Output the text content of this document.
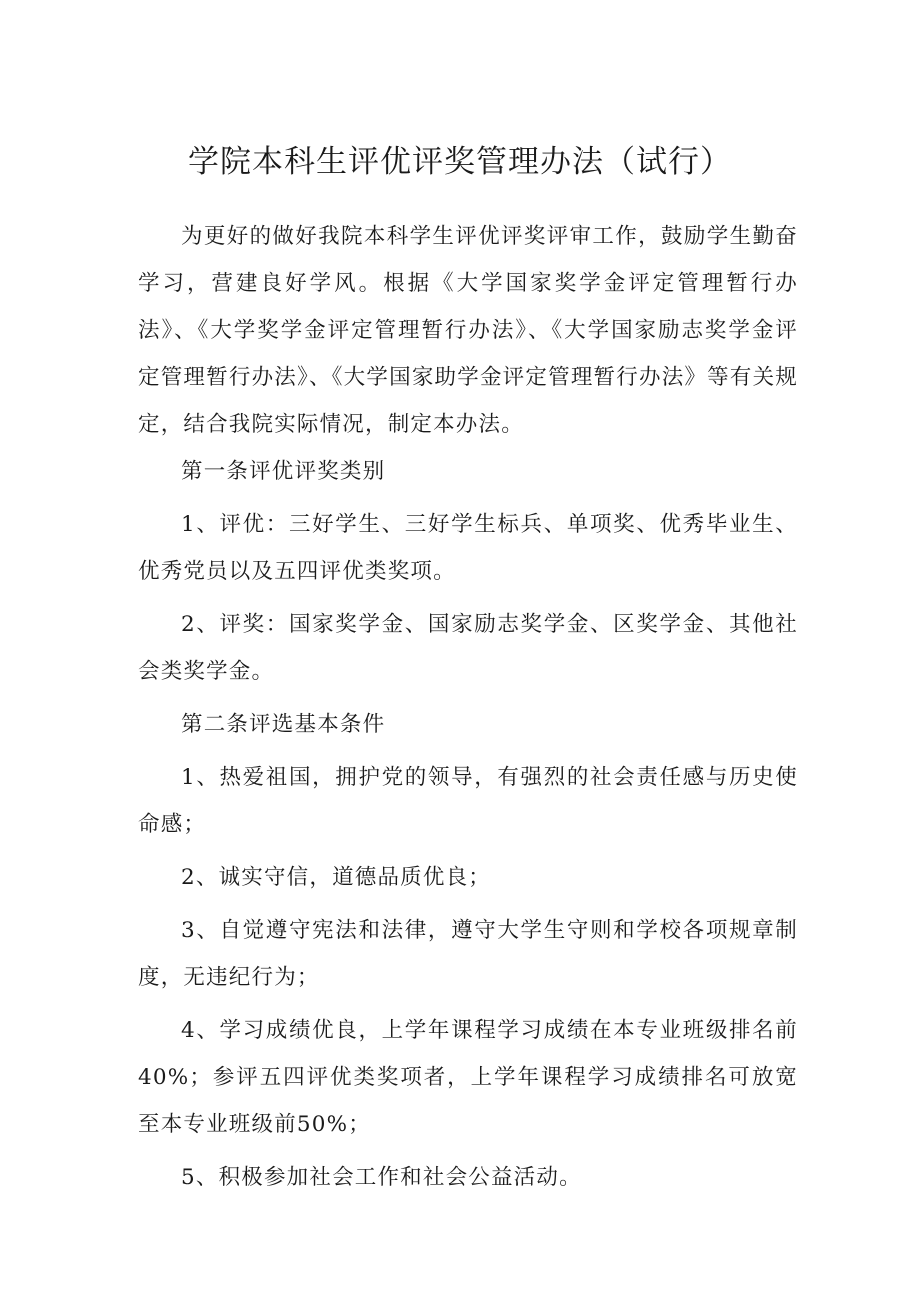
学院本科生评优评奖管理办法（试行）

为更好的做好我院本科学生评优评奖评审工作，鼓励学生勤奋学习，营建良好学风。根据《大学国家奖学金评定管理暂行办法》、《大学奖学金评定管理暂行办法》、《大学国家励志奖学金评定管理暂行办法》、《大学国家助学金评定管理暂行办法》等有关规定，结合我院实际情况，制定本办法。

第一条评优评奖类别

1、评优：三好学生、三好学生标兵、单项奖、优秀毕业生、优秀党员以及五四评优类奖项。

2、评奖：国家奖学金、国家励志奖学金、区奖学金、其他社会类奖学金。

第二条评选基本条件

1、热爱祖国，拥护党的领导，有强烈的社会责任感与历史使命感；

2、诚实守信，道德品质优良；

3、自觉遵守宪法和法律，遵守大学生守则和学校各项规章制度，无违纪行为；

4、学习成绩优良，上学年课程学习成绩在本专业班级排名前40%；参评五四评优类奖项者，上学年课程学习成绩排名可放宽至本专业班级前50%；

5、积极参加社会工作和社会公益活动。
